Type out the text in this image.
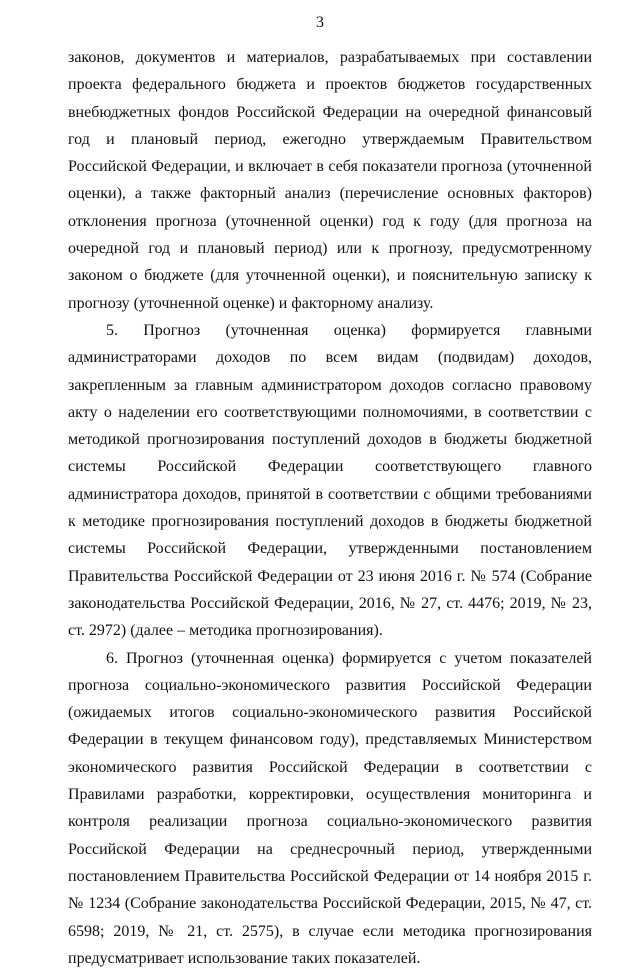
3

законов, документов и материалов, разрабатываемых при составлении проекта федерального бюджета и проектов бюджетов государственных внебюджетных фондов Российской Федерации на очередной финансовый год и плановый период, ежегодно утверждаемым Правительством Российской Федерации, и включает в себя показатели прогноза (уточненной оценки), а также факторный анализ (перечисление основных факторов) отклонения прогноза (уточненной оценки) год к году (для прогноза на очередной год и плановый период) или к прогнозу, предусмотренному законом о бюджете (для уточненной оценки), и пояснительную записку к прогнозу (уточненной оценке) и факторному анализу.

5. Прогноз (уточненная оценка) формируется главными администраторами доходов по всем видам (подвидам) доходов, закрепленным за главным администратором доходов согласно правовому акту о наделении его соответствующими полномочиями, в соответствии с методикой прогнозирования поступлений доходов в бюджеты бюджетной системы Российской Федерации соответствующего главного администратора доходов, принятой в соответствии с общими требованиями к методике прогнозирования поступлений доходов в бюджеты бюджетной системы Российской Федерации, утвержденными постановлением Правительства Российской Федерации от 23 июня 2016 г. № 574 (Собрание законодательства Российской Федерации, 2016, № 27, ст. 4476; 2019, № 23, ст. 2972) (далее – методика прогнозирования).

6. Прогноз (уточненная оценка) формируется с учетом показателей прогноза социально-экономического развития Российской Федерации (ожидаемых итогов социально-экономического развития Российской Федерации в текущем финансовом году), представляемых Министерством экономического развития Российской Федерации в соответствии с Правилами разработки, корректировки, осуществления мониторинга и контроля реализации прогноза социально-экономического развития Российской Федерации на среднесрочный период, утвержденными постановлением Правительства Российской Федерации от 14 ноября 2015 г. № 1234 (Собрание законодательства Российской Федерации, 2015, № 47, ст. 6598; 2019, № 21, ст. 2575), в случае если методика прогнозирования предусматривает использование таких показателей.
